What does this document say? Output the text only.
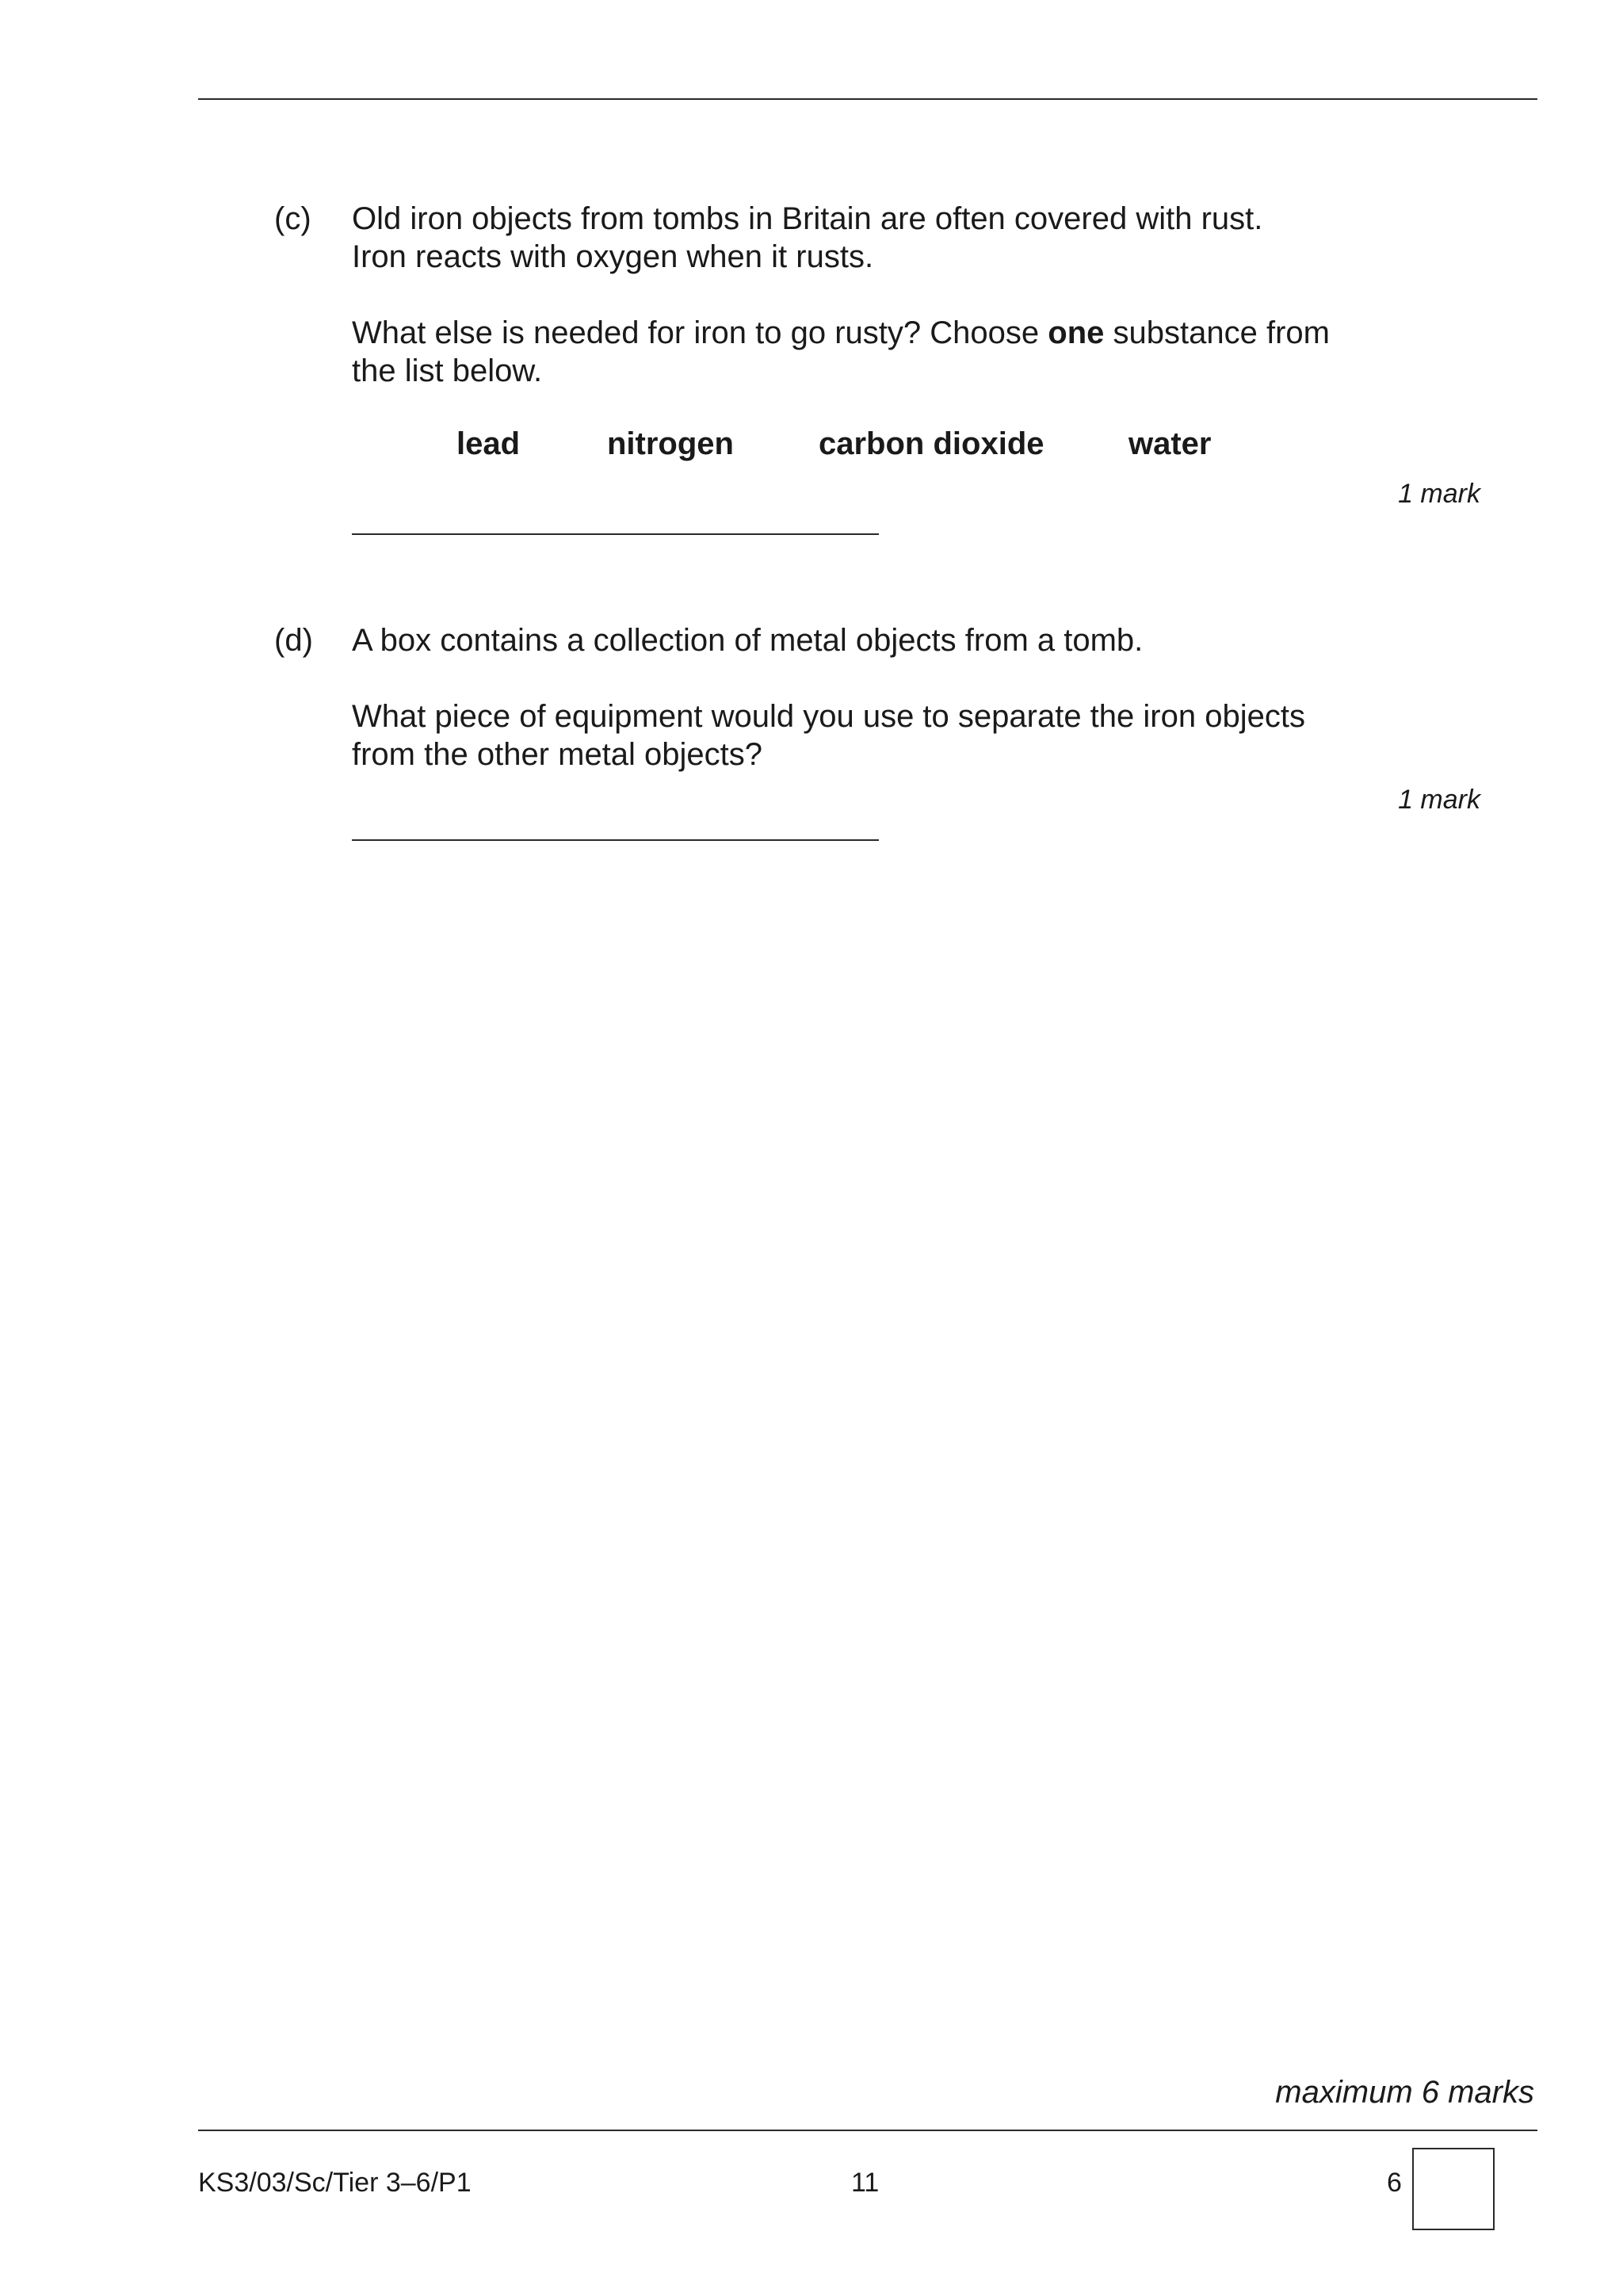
(c) Old iron objects from tombs in Britain are often covered with rust.

Iron reacts with oxygen when it rusts.

What else is needed for iron to go rusty? Choose one substance from

the list below.

lead	nitrogen	carbon dioxide	water
1 mark
(d) A box contains a collection of metal objects from a tomb.

What piece of equipment would you use to separate the iron objects

from the other metal objects?

1 mark
maximum 6 marks
KS3/03/Sc/Tier 3–6/P1	11	6
